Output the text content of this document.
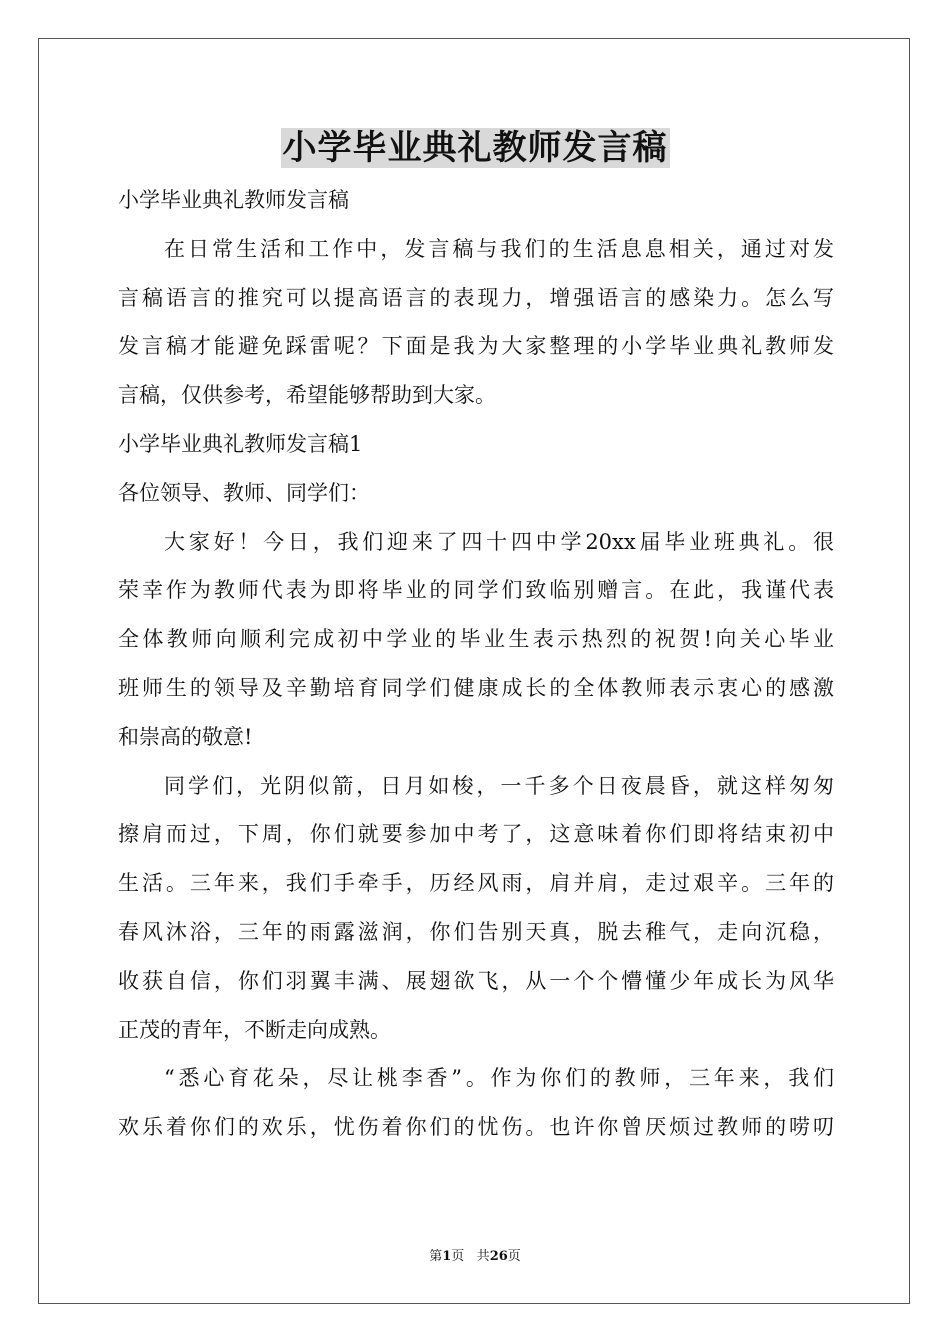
小学毕业典礼教师发言稿
小学毕业典礼教师发言稿
在日常生活和工作中，发言稿与我们的生活息息相关，通过对发
言稿语言的推究可以提高语言的表现力，增强语言的感染力。怎么写
发言稿才能避免踩雷呢？下面是我为大家整理的小学毕业典礼教师发
言稿，仅供参考，希望能够帮助到大家。
小学毕业典礼教师发言稿1
各位领导、教师、同学们：
大家好！今日，我们迎来了四十四中学20xx届毕业班典礼。很
荣幸作为教师代表为即将毕业的同学们致临别赠言。在此，我谨代表
全体教师向顺利完成初中学业的毕业生表示热烈的祝贺!向关心毕业
班师生的领导及辛勤培育同学们健康成长的全体教师表示衷心的感激
和崇高的敬意!
同学们，光阴似箭，日月如梭，一千多个日夜晨昏，就这样匆匆
擦肩而过，下周，你们就要参加中考了，这意味着你们即将结束初中
生活。三年来，我们手牵手，历经风雨，肩并肩，走过艰辛。三年的
春风沐浴，三年的雨露滋润，你们告别天真，脱去稚气，走向沉稳，
收获自信，你们羽翼丰满、展翅欲飞，从一个个懵懂少年成长为风华
正茂的青年，不断走向成熟。
“悉心育花朵，尽让桃李香”。作为你们的教师，三年来，我们
欢乐着你们的欢乐，忧伤着你们的忧伤。也许你曾厌烦过教师的唠叨
第1页 共26页
